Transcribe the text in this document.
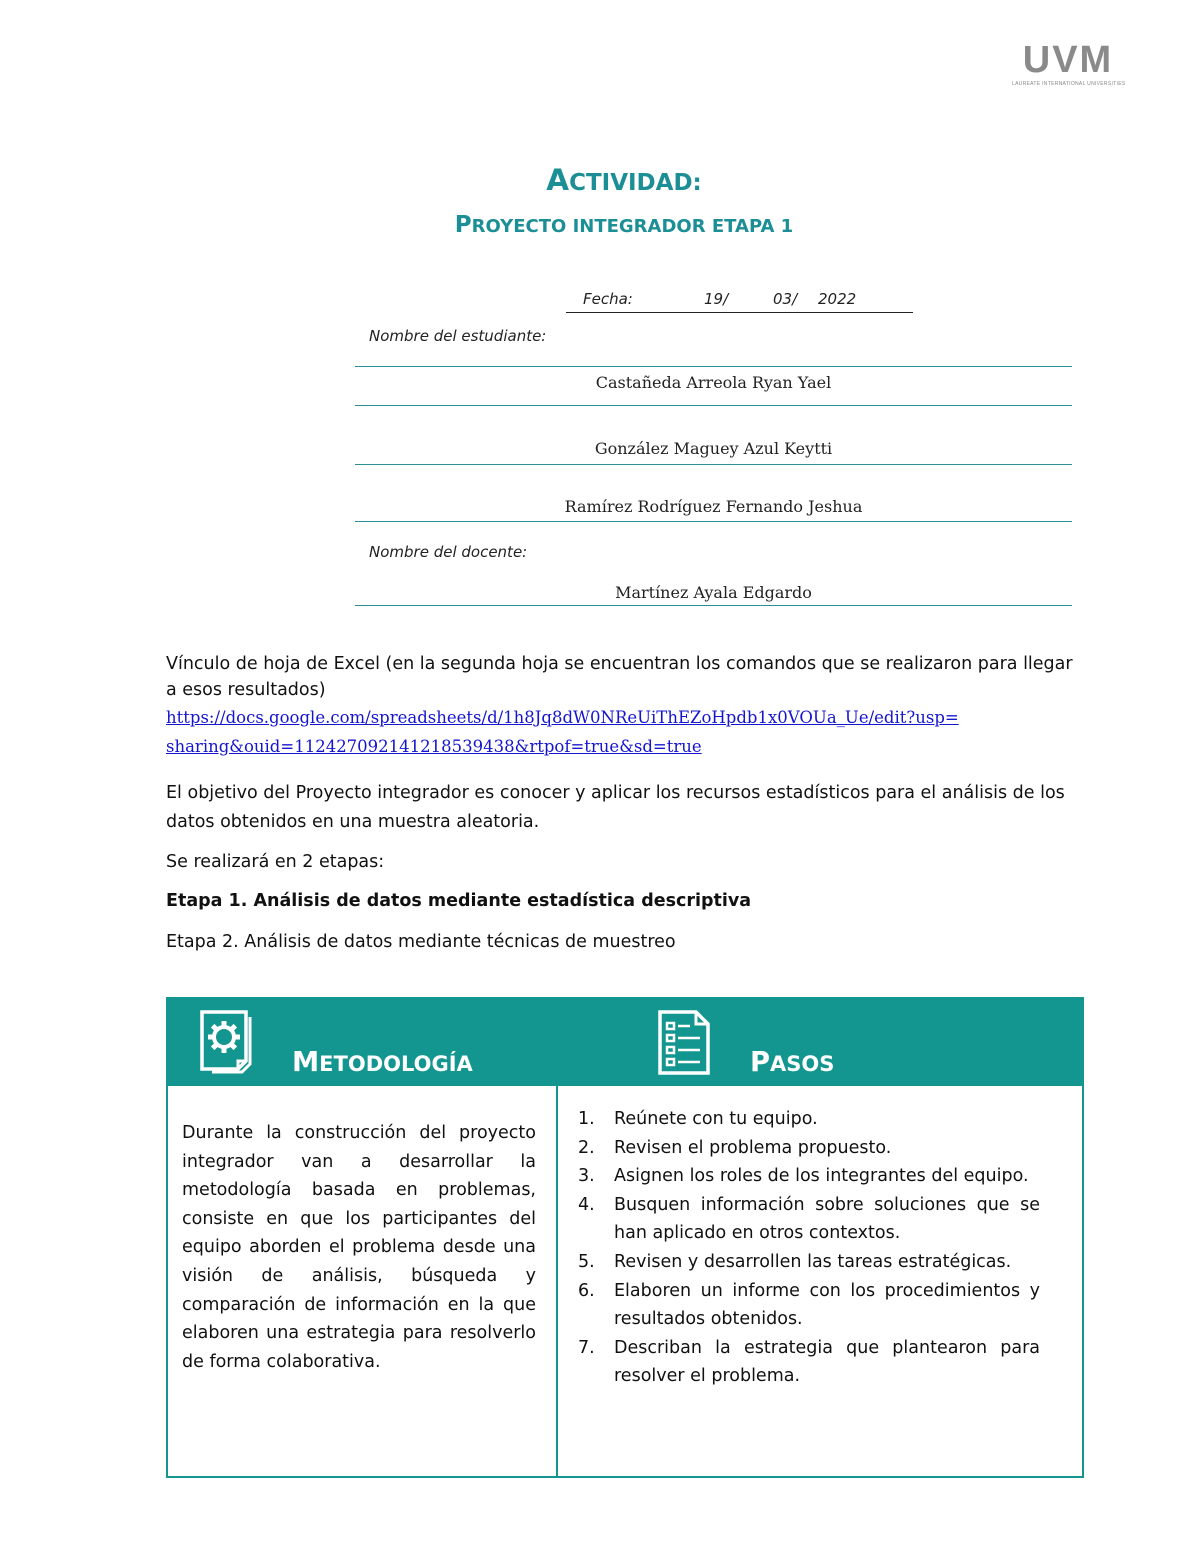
UVM
LAUREATE INTERNATIONAL UNIVERSITIES
ACTIVIDAD:
PROYECTO INTEGRADOR ETAPA 1
Fecha:	19/	03/ 2022
Nombre del estudiante:
Castañeda Arreola Ryan Yael
González Maguey Azul Keytti
Ramírez Rodríguez Fernando Jeshua
Nombre del docente:
Martínez Ayala Edgardo
Vínculo de hoja de Excel (en la segunda hoja se encuentran los comandos que se realizaron para llegar a esos resultados)
https://docs.google.com/spreadsheets/d/1h8Jq8dW0NReUiThEZoHpdb1x0VOUa_Ue/edit?usp=
sharing&ouid=112427092141218539438&rtpof=true&sd=true
El objetivo del Proyecto integrador es conocer y aplicar los recursos estadísticos para el análisis de los datos obtenidos en una muestra aleatoria.
Se realizará en 2 etapas:
Etapa 1. Análisis de datos mediante estadística descriptiva
Etapa 2. Análisis de datos mediante técnicas de muestreo
METODOLOGÍA	PASOS
Durante la construcción del proyecto integrador van a desarrollar la metodología basada en problemas, consiste en que los participantes del equipo aborden el problema desde una visión de análisis, búsqueda y comparación de información en la que elaboren una estrategia para resolverlo de forma colaborativa.
1. Reúnete con tu equipo.
2. Revisen el problema propuesto.
3. Asignen los roles de los integrantes del equipo.
4. Busquen información sobre soluciones que se han aplicado en otros contextos.
5. Revisen y desarrollen las tareas estratégicas.
6. Elaboren un informe con los procedimientos y resultados obtenidos.
7. Describan la estrategia que plantearon para resolver el problema.
